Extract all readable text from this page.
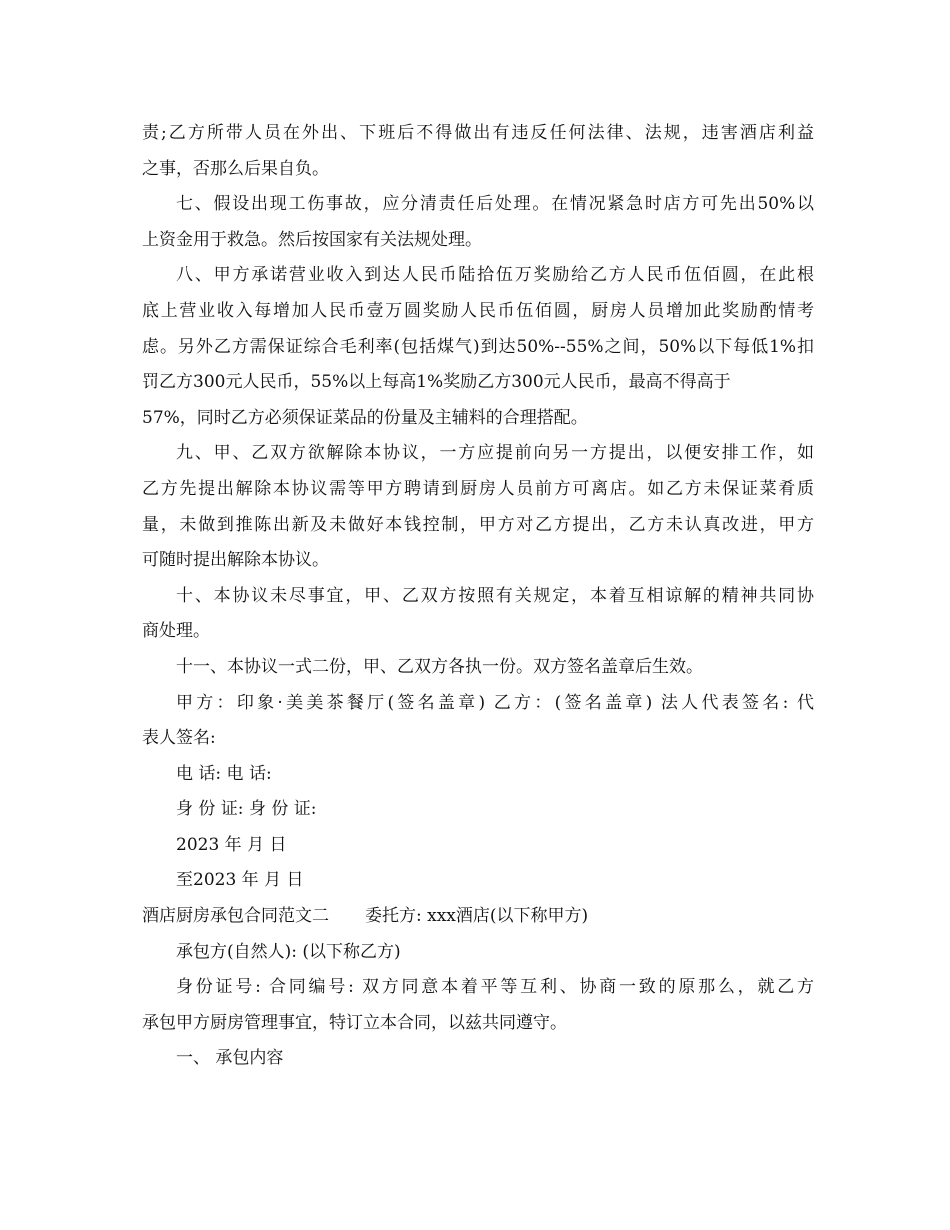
责;乙方所带人员在外出、下班后不得做出有违反任何法律、法规，违害酒店利益
之事，否那么后果自负。
七、假设出现工伤事故，应分清责任后处理。在情况紧急时店方可先出50%以
上资金用于救急。然后按国家有关法规处理。
八、甲方承诺营业收入到达人民币陆拾伍万奖励给乙方人民币伍佰圆，在此根
底上营业收入每增加人民币壹万圆奖励人民币伍佰圆，厨房人员增加此奖励酌情考
虑。另外乙方需保证综合毛利率(包括煤气)到达50%--55%之间，50%以下每低1%扣
罚乙方300元人民币，55%以上每高1%奖励乙方300元人民币，最高不得高于
57%，同时乙方必须保证菜品的份量及主辅料的合理搭配。
九、甲、乙双方欲解除本协议，一方应提前向另一方提出，以便安排工作，如
乙方先提出解除本协议需等甲方聘请到厨房人员前方可离店。如乙方未保证菜肴质
量，未做到推陈出新及未做好本钱控制，甲方对乙方提出，乙方未认真改进，甲方
可随时提出解除本协议。
十、本协议未尽事宜，甲、乙双方按照有关规定，本着互相谅解的精神共同协
商处理。
十一、本协议一式二份，甲、乙双方各执一份。双方签名盖章后生效。
甲方：印象·美美茶餐厅(签名盖章) 乙方：(签名盖章) 法人代表签名: 代
表人签名:
电 话: 电 话:
身 份 证: 身 份 证:
2023 年 月 日
至2023 年 月 日
酒店厨房承包合同范文二 委托方: xxx酒店(以下称甲方)
承包方(自然人): (以下称乙方)
身份证号: 合同编号: 双方同意本着平等互利、协商一致的原那么，就乙方
承包甲方厨房管理事宜，特订立本合同，以兹共同遵守。
一、 承包内容
